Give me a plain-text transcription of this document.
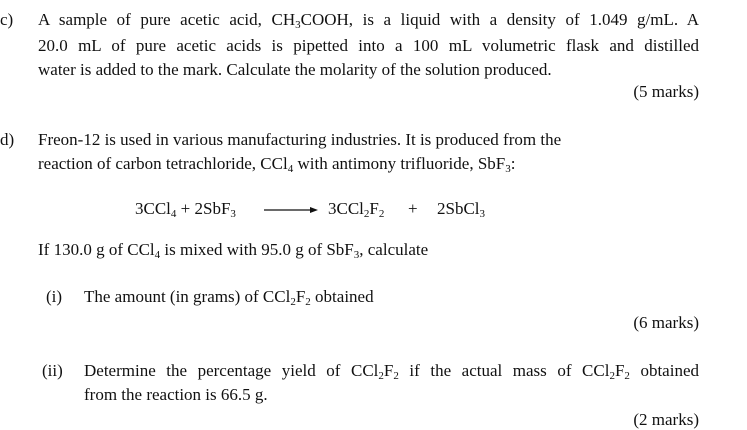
c) A sample of pure acetic acid, $CH_3COOH$, is a liquid with a density of 1.049 g/mL. A
20.0 mL of pure acetic acids is pipetted into a 100 mL volumetric flask and distilled
water is added to the mark. Calculate the molarity of the solution produced.
(5 marks)
d) Freon-12 is used in various manufacturing industries. It is produced from the
reaction of carbon tetrachloride, CCl$_4$ with antimony trifluoride, SbF$_3$:
$3CCl_4 + 2SbF_3 \to 3CCl_2F_2$ + 2SbCl$_3$
If 130.0 g of CCl$_4$ is mixed with 95.0 g of SbF$_3$, calculate
(i) The amount (in grams) of $CCl_2F_2$ obtained
(6 marks)
(ii) Determine the percentage yield of $CCl_2F_2$ if the actual mass of $CCl_2F_2$ obtained
from the reaction is 66.5 g.
(2 marks)
